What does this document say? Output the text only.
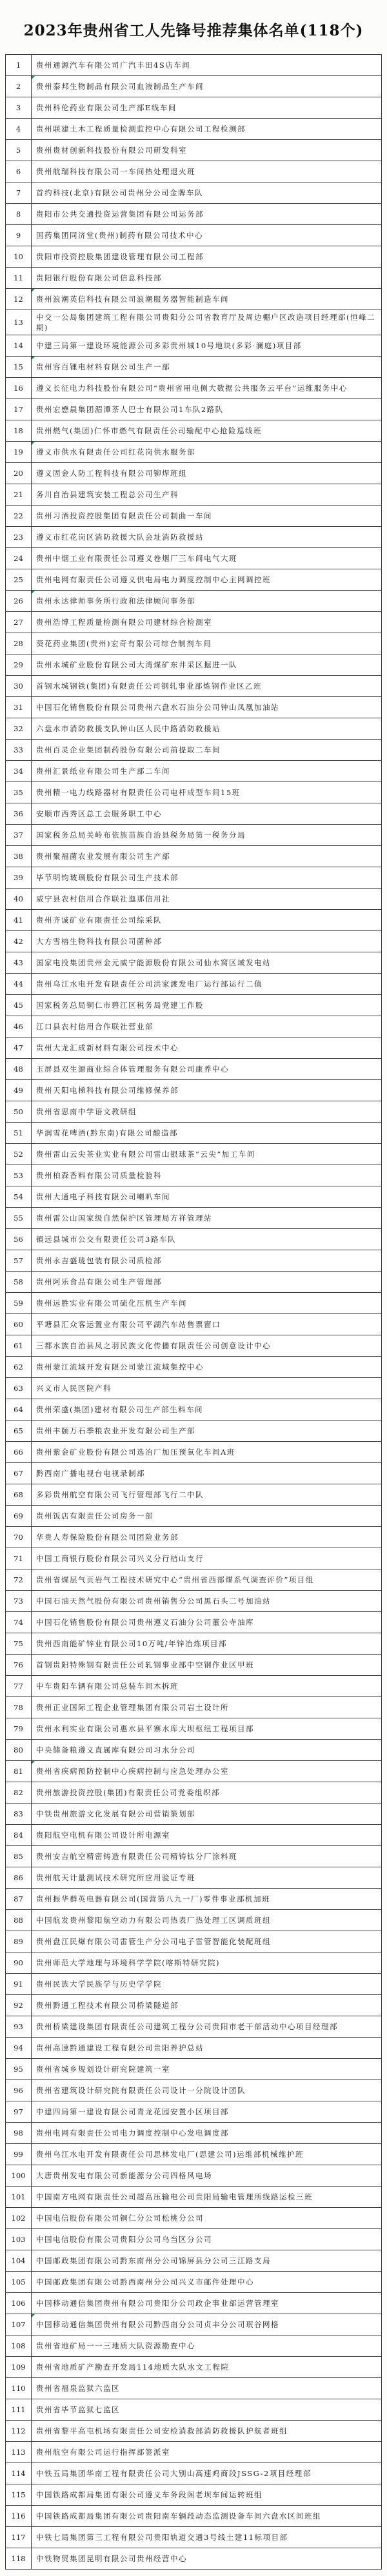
2023年贵州省工人先锋号推荐集体名单(118个)
1	贵州通源汽车有限公司广汽丰田4S店车间
2	贵州泰邦生物制品有限公司血液制品生产车间
3	贵州科伦药业有限公司生产部E线车间
4	贵州联建土木工程质量检测监控中心有限公司工程检测部
5	贵州贵材创新科技股份有限公司研发科室
6	贵州航瑞科技有限公司一车间热处理退火班
7	首约科技(北京)有限公司贵州分公司金牌车队
8	贵阳市公共交通投资运营集团有限公司运务部
9	国药集团同济堂(贵州)制药有限公司技术中心
10	贵阳市投资控股集团建设管理有限公司工程部
11	贵阳银行股份有限公司信息科技部
12	贵州浪潮英信科技有限公司浪潮服务器智能制造车间
13	中交一公局集团建筑工程有限公司贵阳分公司省教育厅及周边棚户区改造项目经理部(恒峰二期)
14	中建三局第一建设环境能源公司多彩贵州城10号地块(多彩·澜庭)项目部
15	贵州容百锂电材料有限公司生产一部
16	遵义长征电力科技股份有限公司“贵州省用电侧大数据公共服务云平台”运维服务中心
17	贵州宏懋晨集团湄潭茶人巴士有限公司1车队2路队
18	贵州燃气(集团)仁怀市燃气有限责任公司输配中心抢险巡线班
19	遵义市供水有限责任公司红花岗供水服务部
20	遵义固金人防工程科技有限公司铆焊班组
21	务川自治县建筑安装工程总公司生产科
22	贵州习酒投资控股集团有限责任公司制曲一车间
23	遵义市红花岗区消防救援大队会址消防救援站
24	贵州中烟工业有限责任公司遵义卷烟厂三车间电气大班
25	贵州电网有限责任公司遵义供电局电力调度控制中心主网调控班
26	贵州永达律师事务所行政和法律顾问事务部
27	贵州浩博工程质量检测有限公司建材综合检测室
28	葵花药业集团(贵州)宏奇有限公司综合制剂车间
29	贵州水城矿业股份有限公司大湾煤矿东井采区掘进一队
30	首钢水城钢铁(集团)有限责任公司钢轧事业部炼钢作业区乙班
31	中国石化销售股份有限公司贵州六盘水石油分公司钟山凤凰加油站
32	六盘水市消防救援支队钟山区人民中路消防救援站
33	贵州百灵企业集团制药股份有限公司前提取二车间
34	贵州汇景纸业有限公司生产部二车间
35	贵州精一电力线路器材有限责任公司电杆成型车间15班
36	安顺市西秀区总工会服务职工中心
37	国家税务总局关岭布依族苗族自治县税务局第一税务分局
38	贵州聚福菌农业发展有限公司生产部
39	毕节明钧玻璃股份有限公司生产技术部
40	威宁县农村信用合作联社迤那信用社
41	贵州齐诚矿业有限责任公司综采队
42	大方雪榕生物科技有限公司菌种部
43	国家电投集团贵州金元威宁能源股份有限公司仙水窝区域发电站
44	贵州乌江水电开发有限责任公司洪家渡发电厂运行部运行二值
45	国家税务总局铜仁市碧江区税务局党建工作股
46	江口县农村信用合作联社营业部
47	贵州大龙汇成新材料有限公司技术中心
48	玉屏县双生源商业综合体管理服务有限公司康养中心
49	贵州天阳电梯科技有限公司维修保养部
50	贵州省思南中学语文教研组
51	华润雪花啤酒(黔东南)有限公司酿造部
52	贵州雷山云尖茶业实业有限公司雷山银球茶“云尖”加工车间
53	贵州柏森香料有限公司质量检验科
54	贵州大通电子科技有限公司喇叭车间
55	贵州雷公山国家级自然保护区管理局方祥管理站
56	镇远县城市公交有限责任公司3路车队
57	贵州永吉盛珑包装有限公司质检部
58	贵州阿乐食品有限公司生产管理部
59	贵州远胜实业有限公司硫化压机生产车间
60	平塘县汇众客运置业有限公司平湖汽车站售票窗口
61	三都水族自治县凤之羽民族文化传播有限责任公司创意设计中心
62	贵州蒙江流域开发有限公司蒙江流域集控中心
63	兴义市人民医院产科
64	贵州荣盛(集团)建材有限公司生产部生料车间
65	贵州丰颐万石季粮农业开发有限公司生产部
66	贵州紫金矿业股份有限公司选冶厂加压预氧化车间A班
67	黔西南广播电视台电视录制部
68	多彩贵州航空有限公司飞行管理部飞行二中队
69	贵州饭店有限责任公司房务一部
70	华贵人寿保险股份有限公司团险业务部
71	中国工商银行股份有限公司兴义分行桔山支行
72	贵州省煤层气页岩气工程技术研究中心“贵州省西部煤系气调查评价”项目组
73	中国石油天然气股份有限公司贵州销售分公司黑石头二号加油站
74	中国石化销售股份有限公司贵州遵义石油分公司董公寺油库
75	贵州西南能矿锌业有限公司10万吨/年锌冶炼项目部
76	首钢贵阳特殊钢有限责任公司轧钢事业部中空钢作业区甲班
77	中车贵阳车辆有限公司总装车间木拆班
78	贵州正业国际工程企业管理集团有限公司岩土设计所
79	贵州水利实业有限公司惠水县平寨水库大坝枢纽工程项目部
80	中央储备粮遵义直属库有限公司习水分公司
81	贵州省疾病预防控制中心疾病控制与应急处理办公室
82	贵州旅游投资控股(集团)有限责任公司党委组织部
83	中铁贵州旅游文化发展有限公司营销策划部
84	贵阳航空电机有限公司设计所电源室
85	贵州安吉航空精密铸造有限责任公司精铸钛分厂涂料班
86	贵州航天计量测试技术研究所应用验证专班
87	贵州振华群英电器有限公司(国营第八九一厂)零件事业部机加班
88	中国航发贵州黎阳航空动力有限公司热表厂热处理工区调质班组
89	贵州盘江民爆有限公司雷管生产分公司电子雷管智能化装配班组
90	贵州师范大学地理与环境科学学院(喀斯特研究院)
91	贵州民族大学民族学与历史学学院
92	贵州黔通工程技术有限公司桥梁隧道部
93	贵州桥梁建设集团有限责任公司建筑工程分公司贵阳市老干部活动中心项目经理部
94	贵州高速黔通建设工程有限公司贵阳养护总站
95	贵州省城乡规划设计研究院建筑一室
96	贵州省建筑设计研究院有限责任公司设计一分院设计团队
97	中建四局第一建设有限公司青龙花园安置小区项目部
98	贵州电网有限责任公司电力调度控制中心发电调度部
99	贵州乌江水电开发有限责任公司思林发电厂(思建公司)运维部机械维护班
100	大唐贵州发电有限公司新能源分公司四格风电场
101	中国南方电网有限责任公司超高压输电公司贵阳局输电管理所线路运检三班
102	中国电信股份有限公司铜仁分公司松桃分公司
103	中国电信股份有限公司贵阳分公司乌当区分公司
104	中国邮政集团有限公司黔东南州分公司锦屏县分公司三江路支局
105	中国邮政集团有限公司黔西南州分公司兴义市邮件处理中心
106	中国移动通信集团贵州有限公司贵阳分公司政企事业部运营管理室
107	中国移动通信集团贵州有限公司黔西南分公司贞丰分公司珉谷网格
108	贵州省地矿局一一三地质大队资源勘查中心
109	贵州省地质矿产勘查开发局114地质大队水文工程院
110	贵州省福泉监狱六监区
111	贵州省毕节监狱七监区
112	贵州省黎平高屯机场有限责任公司安检消救部消防救援队护航者班组
113	贵州航空有限公司运行指挥部签派室
114	中铁五局集团华南工程有限责任公司大别山高速鸡商段JSSG-2项目经理部
115	中国铁路成都局集团有限公司遵义车务段阁老坝车间运转班组
116	中国铁路成都局集团有限公司贵阳南车辆段动态监测设备车间六盘水区间班组
117	中铁七局集团第三工程有限公司贵阳轨道交通3号线土建11标项目部
118	中铁物贸集团昆明有限公司贵州经营中心
